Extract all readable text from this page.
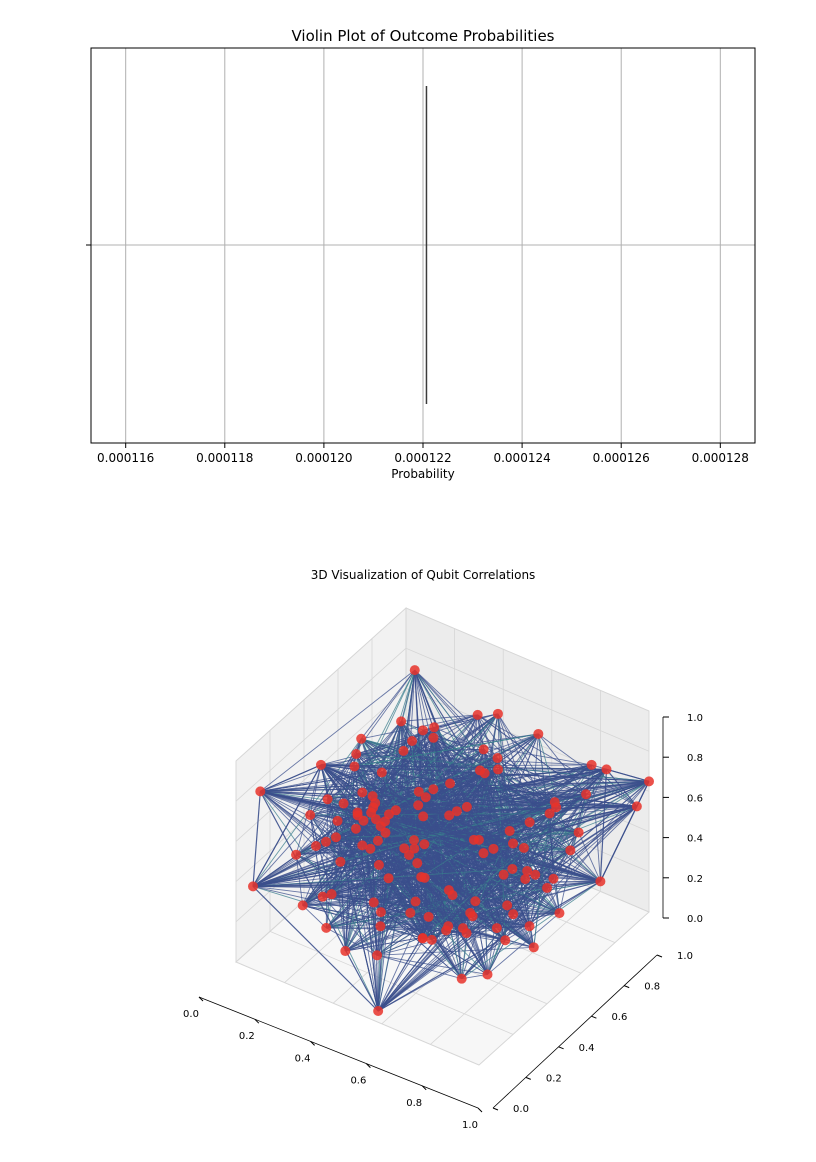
Violin Plot of Outcome Probabilities
0.000116	0.000118	0.000120	0.000122	0.000124	0.000126	0.000128
Probability
3D Visualization of Qubit Correlations
0.0
0.2
0.4
0.6
0.8
1.0
0.0
0.2
0.4
0.6
0.8
1.0
0.0
0.2
0.4
0.6
0.8
1.0
